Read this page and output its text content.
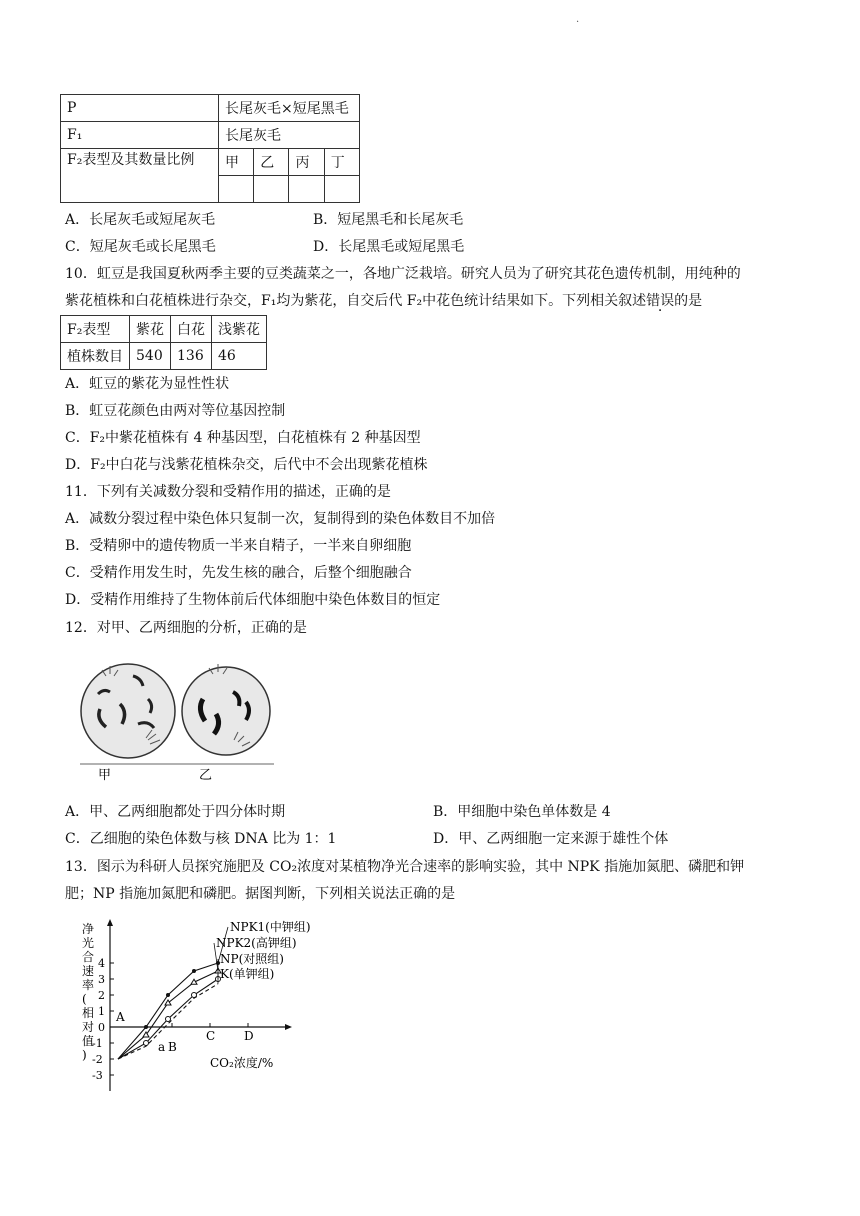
.
P	长尾灰毛×短尾黑毛			
F₁	长尾灰毛			
F₂表型及其数量比例	甲	乙	丙	丁

A．长尾灰毛或短尾灰毛	B．短尾黑毛和长尾灰毛
C．短尾灰毛或长尾黑毛	D．长尾黑毛或短尾黑毛
10．虹豆是我国夏秋两季主要的豆类蔬菜之一，各地广泛栽培。研究人员为了研究其花色遗传机制，用纯种的
紫花植株和白花植株进行杂交，F₁均为紫花，自交后代 F₂中花色统计结果如下。下列相关叙述错误的是
F₂表型	紫花	白花	浅紫花
植株数目	540	136	46
A．虹豆的紫花为显性性状
B．虹豆花颜色由两对等位基因控制
C．F₂中紫花植株有 4 种基因型，白花植株有 2 种基因型
D．F₂中白花与浅紫花植株杂交，后代中不会出现紫花植株
11．下列有关减数分裂和受精作用的描述，正确的是
A．减数分裂过程中染色体只复制一次，复制得到的染色体数目不加倍
B．受精卵中的遗传物质一半来自精子，一半来自卵细胞
C．受精作用发生时，先发生核的融合，后整个细胞融合
D．受精作用维持了生物体前后代体细胞中染色体数目的恒定
12．对甲、乙两细胞的分析，正确的是
甲	乙
A．甲、乙两细胞都处于四分体时期	B．甲细胞中染色单体数是 4
C．乙细胞的染色体数与核 DNA 比为 1：1	D．甲、乙两细胞一定来源于雄性个体
13．图示为科研人员探究施肥及 CO₂浓度对某植物净光合速率的影响实验，其中 NPK 指施加氮肥、磷肥和钾
肥；NP 指施加氮肥和磷肥。据图判断，下列相关说法正确的是
净
光
合
速
率
(
相
对
值
)
4
3
2
1
0
-1
-2
-3
B
C D
NPK1(中钾组)
NPK2(高钾组)
NP(对照组)
K(单钾组)
A
a
CO₂浓度/%
